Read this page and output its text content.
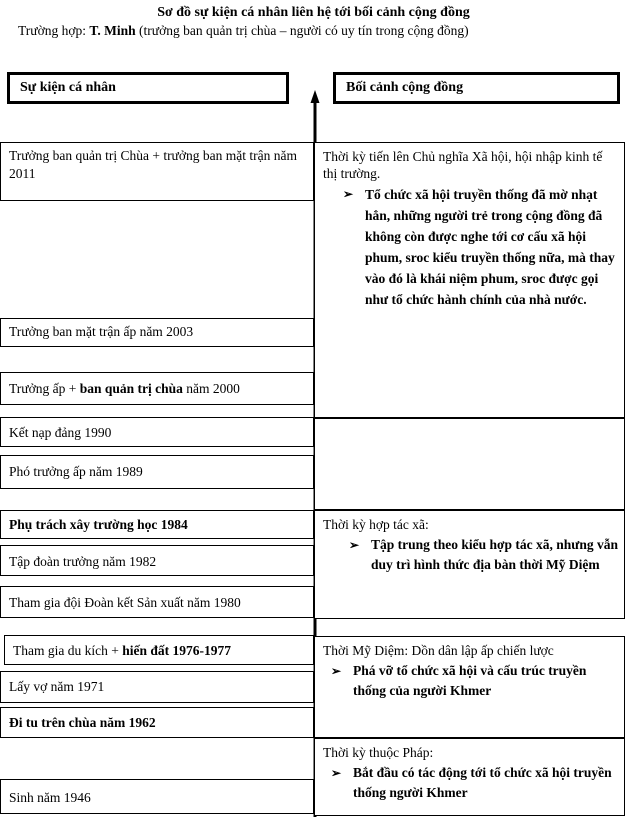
Sơ đồ sự kiện cá nhân liên hệ tới bối cảnh cộng đồng
Trường hợp: T. Minh (trưởng ban quản trị chùa – người có uy tín trong cộng đồng)
Sự kiện cá nhân	Bối cảnh cộng đồng
Trưởng ban quản trị Chùa + trưởng ban mặt trận năm 2011
Trưởng ban mặt trận ấp năm 2003
Trưởng ấp + ban quản trị chùa năm 2000
Kết nạp đảng 1990
Phó trưởng ấp năm 1989
Phụ trách xây trường học 1984
Tập đoàn trưởng năm 1982
Tham gia đội Đoàn kết Sản xuất năm 1980
Tham gia du kích + hiến đất 1976-1977
Lấy vợ năm 1971
Đi tu trên chùa năm 1962
Sinh năm 1946
Thời kỳ tiến lên Chủ nghĩa Xã hội, hội nhập kinh tế thị trường.
➢ Tổ chức xã hội truyền thống đã mờ nhạt hẳn, những người trẻ trong cộng đồng đã không còn được nghe tới cơ cấu xã hội phum, sroc kiểu truyền thống nữa, mà thay vào đó là khái niệm phum, sroc được gọi như tổ chức hành chính của nhà nước.
Thời kỳ hợp tác xã:
➢ Tập trung theo kiểu hợp tác xã, nhưng vẫn duy trì hình thức địa bàn thời Mỹ Diệm
Thời Mỹ Diệm: Dồn dân lập ấp chiến lược
➢ Phá vỡ tổ chức xã hội và cấu trúc truyền thống của người Khmer
Thời kỳ thuộc Pháp:
➢ Bắt đầu có tác động tới tổ chức xã hội truyền thống người Khmer
